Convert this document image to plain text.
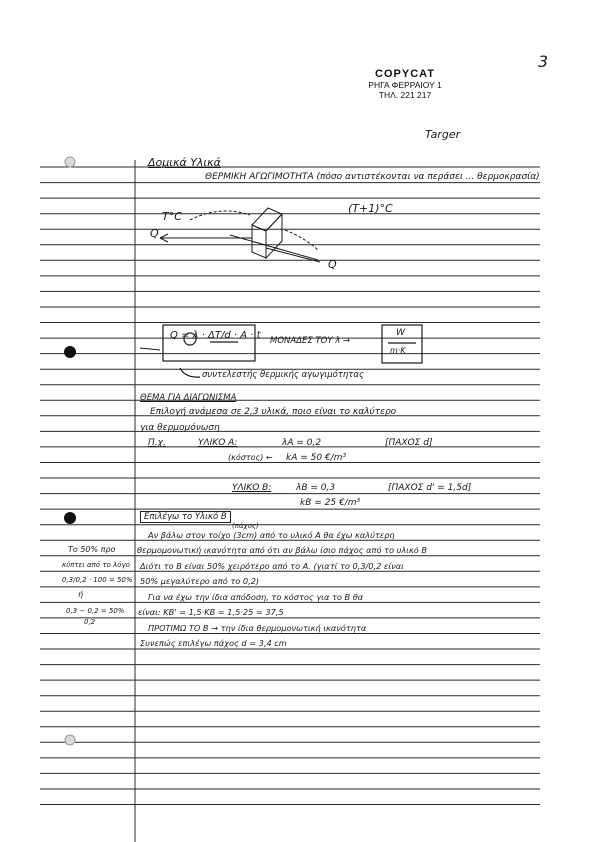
3
COPYCAT
ΡΗΓΑ ΦΕΡΡΑΙΟΥ 1
ΤΗΛ. 221 217
Targer
Δομικά Υλικά
ΘΕΡΜΙΚΗ ΑΓΩΓΙΜΟΤΗΤΑ (πόσο αντιστέκονται να περάσει ... θερμοκρασία)
T°C
(T+1)°C
Q
Q
Q = λ · ΔT/d · A · t ΜΟΝΑΔΕΣ ΤΟΥ λ →
W
m·K
συντελεστής θερμικής αγωγιμότητας
ΘΕΜΑ ΓΙΑ ΔΙΑΓΩΝΙΣΜΑ
Επιλογή ανάμεσα σε 2,3 υλικά, ποιο είναι το καλύτερο
για θερμομόνωση
Π.χ.	ΥΛΙΚΟ Α:	λΑ = 0,2	[ΠΑΧΟΣ d]
(κόστος) ← kA = 50 €/m³
ΥΛΙΚΟ Β:	λΒ = 0,3	[ΠΑΧΟΣ d' = 1,5d]
kB = 25 €/m³
Επιλέγω το Υλικό Β
(πάχος)
Αν βάλω στον τοίχο (3cm) από το υλικό Α θα έχω καλύτερη
θερμομονωτική ικανότητα από ότι αν βάλω ίσιο πάχος από το υλικό Β
Διότι το Β είναι 50% χειρότερο από το Α. (γιατί το 0,3/0,2 είναι
50% μεγαλύτερο από το 0,2)
Για να έχω την ίδια απόδοση, το κόστος για το Β θα
είναι: KB' = 1,5·KB = 1,5·25 = 37,5
ΠΡΟΤΙΜΩ ΤΟ Β → την ίδια θερμομονωτική ικανότητα
Συνεπώς επιλέγω πάχος d = 3,4 cm
Το 50% προ
κύπτει από το λόγο
0,3/0,2 · 100 = 50%
ή
0,3 − 0,2 = 50%
0,2
